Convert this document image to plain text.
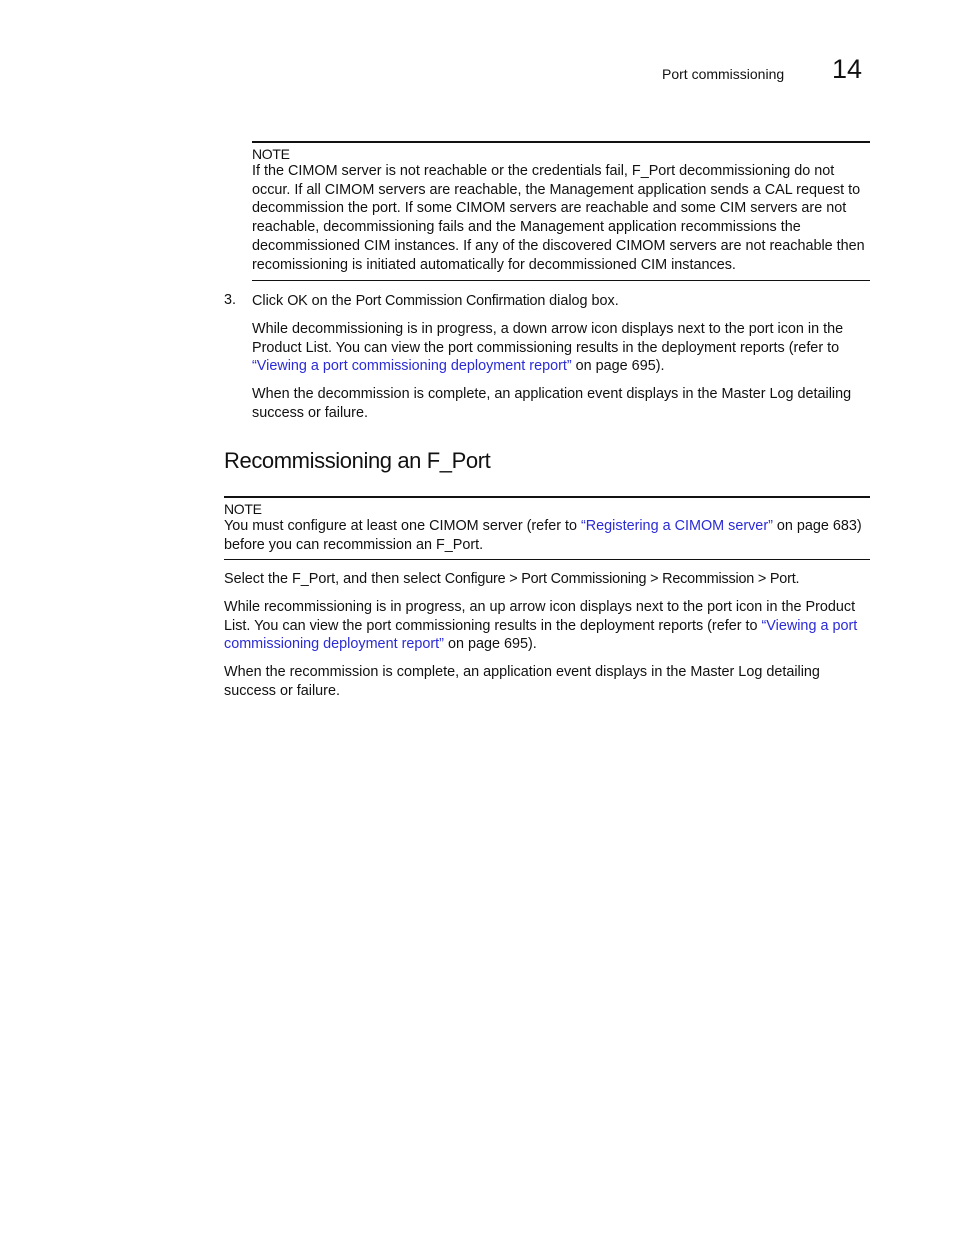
Port commissioning 14
NOTE

If the CIMOM server is not reachable or the credentials fail, F_Port decommissioning do not occur. If all CIMOM servers are reachable, the Management application sends a CAL request to decommission the port. If some CIMOM servers are reachable and some CIM servers are not reachable, decommissioning fails and the Management application recommissions the decommissioned CIM instances. If any of the discovered CIMOM servers are not reachable then recomissioning is initiated automatically for decommissioned CIM instances.

3. Click OK on the Port Commission Confirmation dialog box.
While decommissioning is in progress, a down arrow icon displays next to the port icon in the Product List. You can view the port commissioning results in the deployment reports (refer to “Viewing a port commissioning deployment report” on page 695).
When the decommission is complete, an application event displays in the Master Log detailing success or failure.
Recommissioning an F_Port
NOTE

You must configure at least one CIMOM server (refer to “Registering a CIMOM server” on page 683) before you can recommission an F_Port.

Select the F_Port, and then select Configure > Port Commissioning > Recommission > Port.
While recommissioning is in progress, an up arrow icon displays next to the port icon in the Product List. You can view the port commissioning results in the deployment reports (refer to “Viewing a port commissioning deployment report” on page 695).
When the recommission is complete, an application event displays in the Master Log detailing success or failure.
